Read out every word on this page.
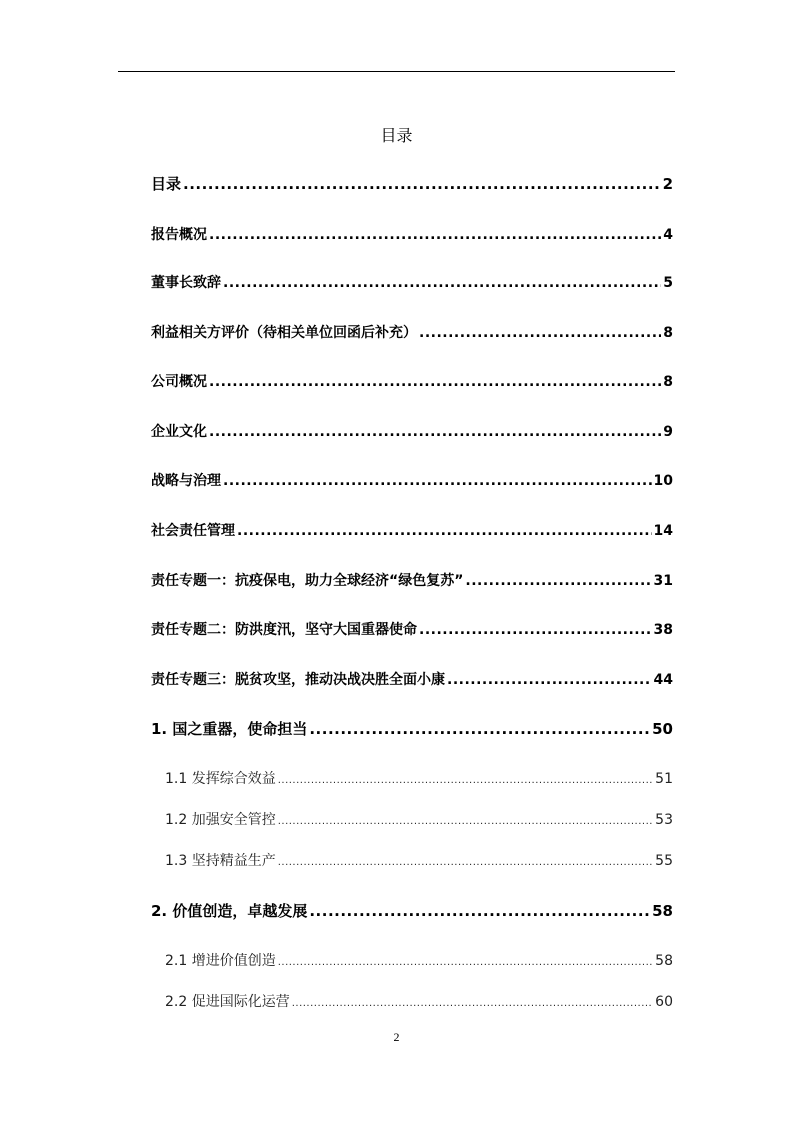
目录
目录 .....	2
报告概况 .....	4
董事长致辞 .....	5
利益相关方评价（待相关单位回函后补充） .....	8
公司概况 .....	8
企业文化 .....	9
战略与治理 .....	10
社会责任管理 .....	14
责任专题一：抗疫保电，助力全球经济“绿色复苏” .....	31
责任专题二：防洪度汛，坚守大国重器使命 .....	38
责任专题三：脱贫攻坚，推动决战决胜全面小康 .....	44
1. 国之重器，使命担当 .....	50
1.1 发挥综合效益 .....	51
1.2 加强安全管控 .....	53
1.3 坚持精益生产 .....	55
2. 价值创造，卓越发展 .....	58
2.1 增进价值创造 .....	58
2.2 促进国际化运营 .....	60
2
